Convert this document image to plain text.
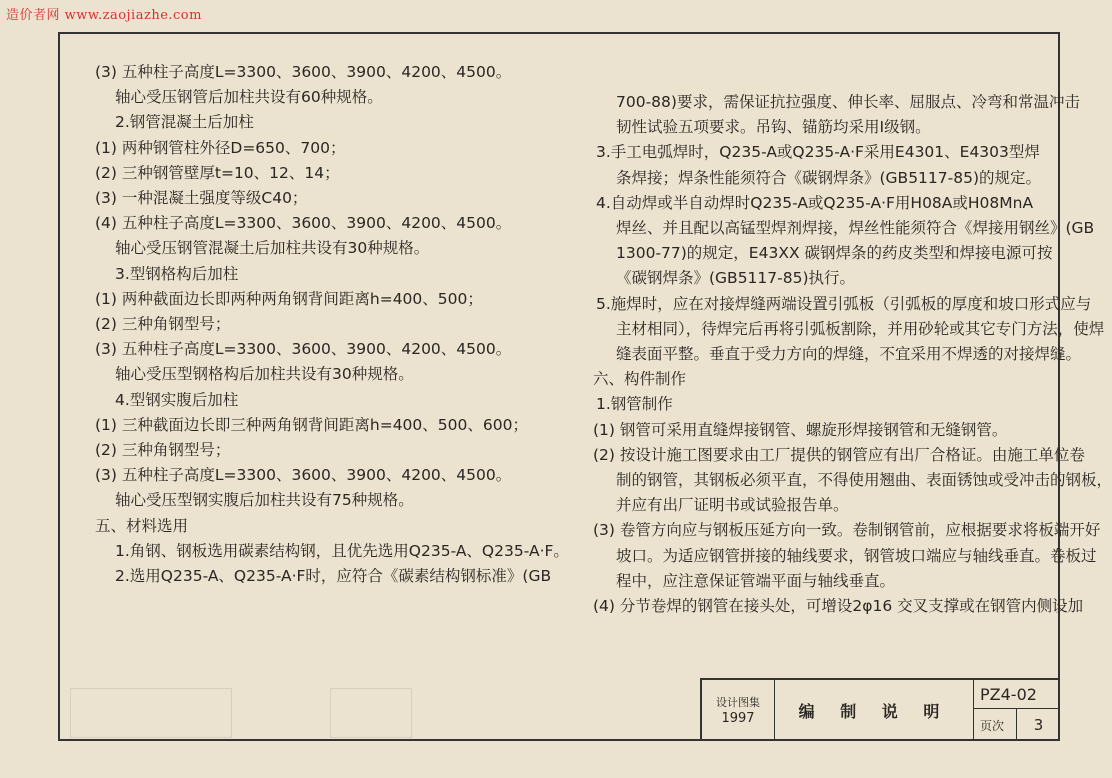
造价者网 www.zaojiazhe.com

(3) 五种柱子高度L=3300、3600、3900、4200、4500。

轴心受压钢管后加柱共设有60种规格。

2.钢管混凝土后加柱

(1) 两种钢管柱外径D=650、700；

(2) 三种钢管壁厚t=10、12、14；

(3) 一种混凝土强度等级C40；

(4) 五种柱子高度L=3300、3600、3900、4200、4500。

轴心受压钢管混凝土后加柱共设有30种规格。

3.型钢格构后加柱

(1) 两种截面边长即两种两角钢背间距离h=400、500；

(2) 三种角钢型号；

(3) 五种柱子高度L=3300、3600、3900、4200、4500。

轴心受压型钢格构后加柱共设有30种规格。

4.型钢实腹后加柱

(1) 三种截面边长即三种两角钢背间距离h=400、500、600；

(2) 三种角钢型号；

(3) 五种柱子高度L=3300、3600、3900、4200、4500。

轴心受压型钢实腹后加柱共设有75种规格。

五、材料选用

1.角钢、钢板选用碳素结构钢，且优先选用Q235-A、Q235-A·F。

2.选用Q235-A、Q235-A·F时，应符合《碳素结构钢标准》(GB

700-88)要求，需保证抗拉强度、伸长率、屈服点、冷弯和常温冲击

韧性试验五项要求。吊钩、锚筋均采用I级钢。

3.手工电弧焊时，Q235-A或Q235-A·F采用E4301、E4303型焊

条焊接；焊条性能须符合《碳钢焊条》(GB5117-85)的规定。

4.自动焊或半自动焊时Q235-A或Q235-A·F用H08A或H08MnA

焊丝、并且配以高锰型焊剂焊接，焊丝性能须符合《焊接用钢丝》(GB

1300-77)的规定，E43XX 碳钢焊条的药皮类型和焊接电源可按

《碳钢焊条》(GB5117-85)执行。

5.施焊时，应在对接焊缝两端设置引弧板（引弧板的厚度和坡口形式应与

主材相同），待焊完后再将引弧板割除，并用砂轮或其它专门方法，使焊

缝表面平整。垂直于受力方向的焊缝，不宜采用不焊透的对接焊缝。

六、构件制作

1.钢管制作

(1) 钢管可采用直缝焊接钢管、螺旋形焊接钢管和无缝钢管。

(2) 按设计施工图要求由工厂提供的钢管应有出厂合格证。由施工单位卷

制的钢管，其钢板必须平直，不得使用翘曲、表面锈蚀或受冲击的钢板，

并应有出厂证明书或试验报告单。

(3) 卷管方向应与钢板压延方向一致。卷制钢管前，应根据要求将板端开好

坡口。为适应钢管拼接的轴线要求，钢管坡口端应与轴线垂直。卷板过

程中，应注意保证管端平面与轴线垂直。

(4) 分节卷焊的钢管在接头处，可增设2φ16 交叉支撑或在钢管内侧设加

设计图集
1997	编 制 说 明
PZ4-02
页次	3
